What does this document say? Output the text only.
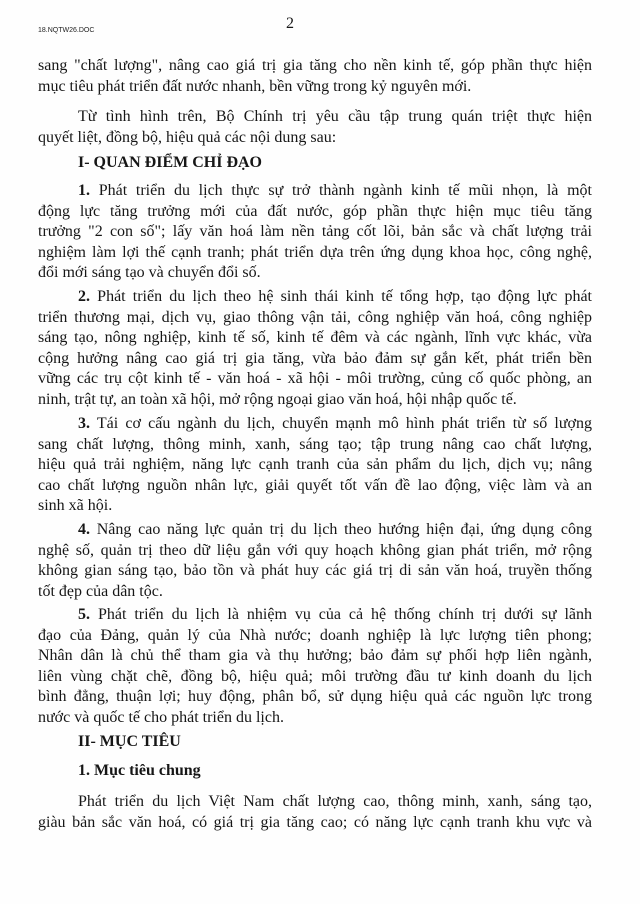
18.NQTW26.DOC	2
sang "chất lượng", nâng cao giá trị gia tăng cho nền kinh tế, góp phần thực hiện
mục tiêu phát triển đất nước nhanh, bền vững trong kỷ nguyên mới.
Từ tình hình trên, Bộ Chính trị yêu cầu tập trung quán triệt thực hiện
quyết liệt, đồng bộ, hiệu quả các nội dung sau:
I- QUAN ĐIỂM CHỈ ĐẠO
1. Phát triển du lịch thực sự trở thành ngành kinh tế mũi nhọn, là một
động lực tăng trưởng mới của đất nước, góp phần thực hiện mục tiêu tăng
trưởng "2 con số"; lấy văn hoá làm nền tảng cốt lõi, bản sắc và chất lượng trải
nghiệm làm lợi thế cạnh tranh; phát triển dựa trên ứng dụng khoa học, công nghệ,
đổi mới sáng tạo và chuyển đổi số.
2. Phát triển du lịch theo hệ sinh thái kinh tế tổng hợp, tạo động lực phát
triển thương mại, dịch vụ, giao thông vận tải, công nghiệp văn hoá, công nghiệp
sáng tạo, nông nghiệp, kinh tế số, kinh tế đêm và các ngành, lĩnh vực khác, vừa
cộng hưởng nâng cao giá trị gia tăng, vừa bảo đảm sự gắn kết, phát triển bền
vững các trụ cột kinh tế - văn hoá - xã hội - môi trường, củng cố quốc phòng, an
ninh, trật tự, an toàn xã hội, mở rộng ngoại giao văn hoá, hội nhập quốc tế.
3. Tái cơ cấu ngành du lịch, chuyển mạnh mô hình phát triển từ số lượng
sang chất lượng, thông minh, xanh, sáng tạo; tập trung nâng cao chất lượng,
hiệu quả trải nghiệm, năng lực cạnh tranh của sản phẩm du lịch, dịch vụ; nâng
cao chất lượng nguồn nhân lực, giải quyết tốt vấn đề lao động, việc làm và an
sinh xã hội.
4. Nâng cao năng lực quản trị du lịch theo hướng hiện đại, ứng dụng công
nghệ số, quản trị theo dữ liệu gắn với quy hoạch không gian phát triển, mở rộng
không gian sáng tạo, bảo tồn và phát huy các giá trị di sản văn hoá, truyền thống
tốt đẹp của dân tộc.
5. Phát triển du lịch là nhiệm vụ của cả hệ thống chính trị dưới sự lãnh
đạo của Đảng, quản lý của Nhà nước; doanh nghiệp là lực lượng tiên phong;
Nhân dân là chủ thể tham gia và thụ hưởng; bảo đảm sự phối hợp liên ngành,
liên vùng chặt chẽ, đồng bộ, hiệu quả; môi trường đầu tư kinh doanh du lịch
bình đẳng, thuận lợi; huy động, phân bổ, sử dụng hiệu quả các nguồn lực trong
nước và quốc tế cho phát triển du lịch.
II- MỤC TIÊU
1. Mục tiêu chung
Phát triển du lịch Việt Nam chất lượng cao, thông minh, xanh, sáng tạo,
giàu bản sắc văn hoá, có giá trị gia tăng cao; có năng lực cạnh tranh khu vực và
